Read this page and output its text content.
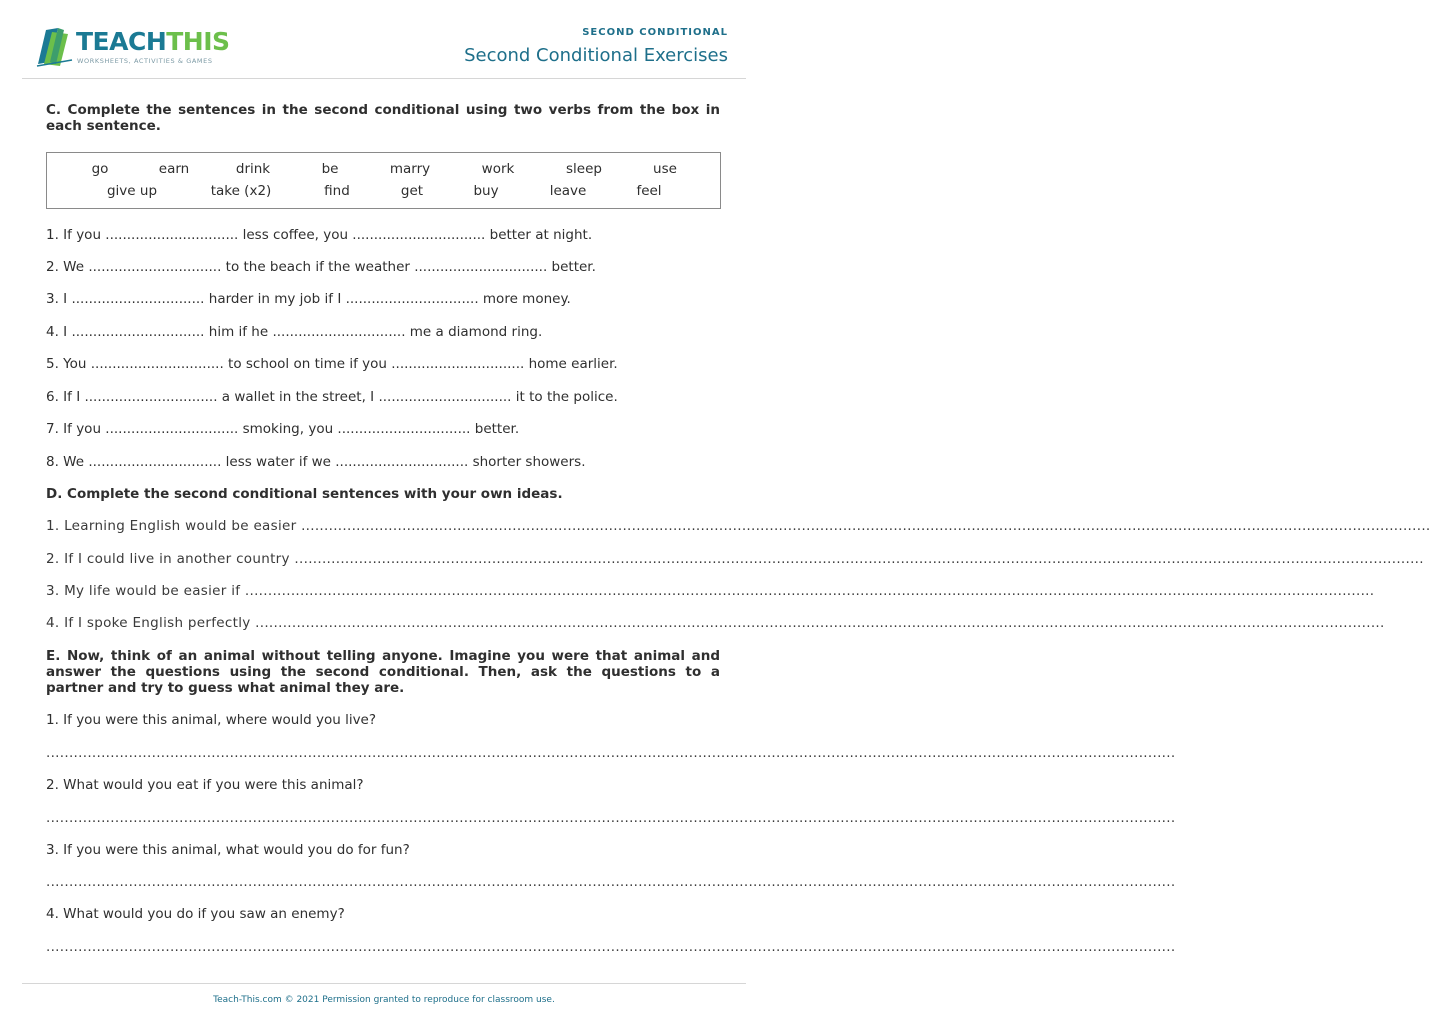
TEACHTHIS
WORKSHEETS, ACTIVITIES & GAMES
SECOND CONDITIONAL
Second Conditional Exercises
C. Complete the sentences in the second conditional using two verbs from the box in each sentence.
go	earn	drink	be	marry	work	sleep	use
give up	take (x2)	find	get	buy	leave	feel
1. If you ............................... less coffee, you ............................... better at night.
2. We ............................... to the beach if the weather ............................... better.
3. I ............................... harder in my job if I ............................... more money.
4. I ............................... him if he ............................... me a diamond ring.
5. You ............................... to school on time if you ............................... home earlier.
6. If I ............................... a wallet in the street, I ............................... it to the police.
7. If you ............................... smoking, you ............................... better.
8. We ............................... less water if we ............................... shorter showers.
D. Complete the second conditional sentences with your own ideas.
1. Learning English would be easier ......................................................................................................................................................................................................................................................
2. If I could live in another country ......................................................................................................................................................................................................................................................
3. My life would be easier if ......................................................................................................................................................................................................................................................
4. If I spoke English perfectly ......................................................................................................................................................................................................................................................
E. Now, think of an animal without telling anyone. Imagine you were that animal and answer the questions using the second conditional. Then, ask the questions to a partner and try to guess what animal they are.
1. If you were this animal, where would you live?
......................................................................................................................................................................................................................................................
2. What would you eat if you were this animal?
......................................................................................................................................................................................................................................................
3. If you were this animal, what would you do for fun?
......................................................................................................................................................................................................................................................
4. What would you do if you saw an enemy?
......................................................................................................................................................................................................................................................
Teach-This.com © 2021 Permission granted to reproduce for classroom use.
